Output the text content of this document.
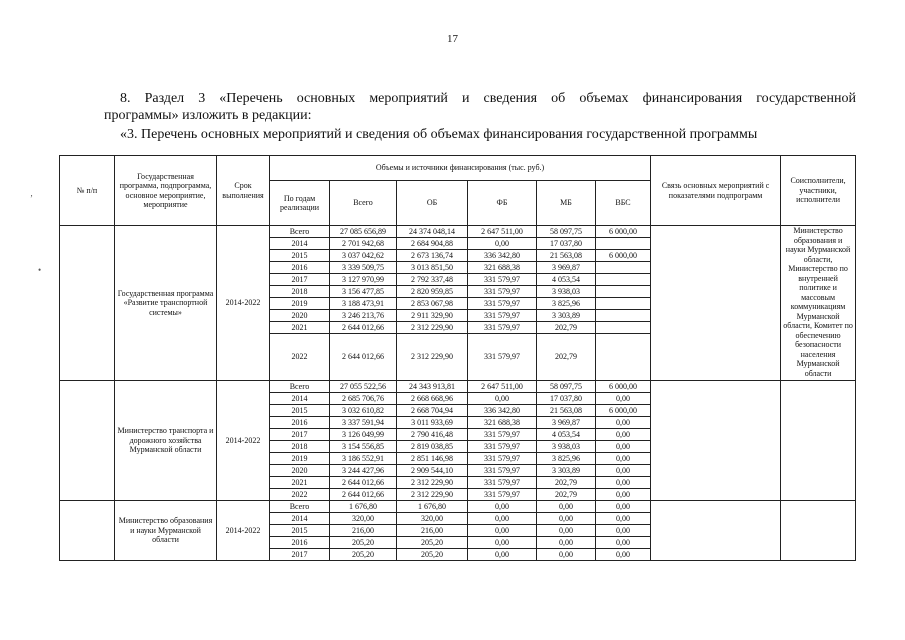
17
8. Раздел 3 «Перечень основных мероприятий и сведения об объемах финансирования государственной
программы» изложить в редакции:
«3. Перечень основных мероприятий и сведения об объемах финансирования государственной программы
‚
•
№ п/п	Государственная программа, подпрограмма, основное мероприятие, мероприятие	Срок выполнения	Объемы и источники финансирования (тыс. руб.)						Связь основных мероприятий с показателями подпрограмм	Соисполнители, участники, исполнители
			По годам реализации	Всего	ОБ	ФБ	МБ	ВБС		
	Государственная программа «Развитие транспортной системы»	2014-2022	Всего	27 085 656,89	24 374 048,14	2 647 511,00	58 097,75	6 000,00		Министерство образования и науки Мурманской области, Министерство по внутренней политике и массовым коммуникациям Мурманской области, Комитет по обеспечению безопасности населения Мурманской области
			2014	2 701 942,68	2 684 904,88	0,00	17 037,80			
			2015	3 037 042,62	2 673 136,74	336 342,80	21 563,08	6 000,00		
			2016	3 339 509,75	3 013 851,50	321 688,38	3 969,87			
			2017	3 127 970,99	2 792 337,48	331 579,97	4 053,54			
			2018	3 156 477,85	2 820 959,85	331 579,97	3 938,03			
			2019	3 188 473,91	2 853 067,98	331 579,97	3 825,96			
			2020	3 246 213,76	2 911 329,90	331 579,97	3 303,89			
			2021	2 644 012,66	2 312 229,90	331 579,97	202,79			
			2022	2 644 012,66	2 312 229,90	331 579,97	202,79			
	Министерство транспорта и дорожного хозяйства Мурманской области	2014-2022	Всего	27 055 522,56	24 343 913,81	2 647 511,00	58 097,75	6 000,00		
			2014	2 685 706,76	2 668 668,96	0,00	17 037,80	0,00		
			2015	3 032 610,82	2 668 704,94	336 342,80	21 563,08	6 000,00		
			2016	3 337 591,94	3 011 933,69	321 688,38	3 969,87	0,00		
			2017	3 126 049,99	2 790 416,48	331 579,97	4 053,54	0,00		
			2018	3 154 556,85	2 819 038,85	331 579,97	3 938,03	0,00		
			2019	3 186 552,91	2 851 146,98	331 579,97	3 825,96	0,00		
			2020	3 244 427,96	2 909 544,10	331 579,97	3 303,89	0,00		
			2021	2 644 012,66	2 312 229,90	331 579,97	202,79	0,00		
			2022	2 644 012,66	2 312 229,90	331 579,97	202,79	0,00		
	Министерство образования и науки Мурманской области	2014-2022	Всего	1 676,80	1 676,80	0,00	0,00	0,00		
			2014	320,00	320,00	0,00	0,00	0,00		
			2015	216,00	216,00	0,00	0,00	0,00		
			2016	205,20	205,20	0,00	0,00	0,00		
			2017	205,20	205,20	0,00	0,00	0,00		
